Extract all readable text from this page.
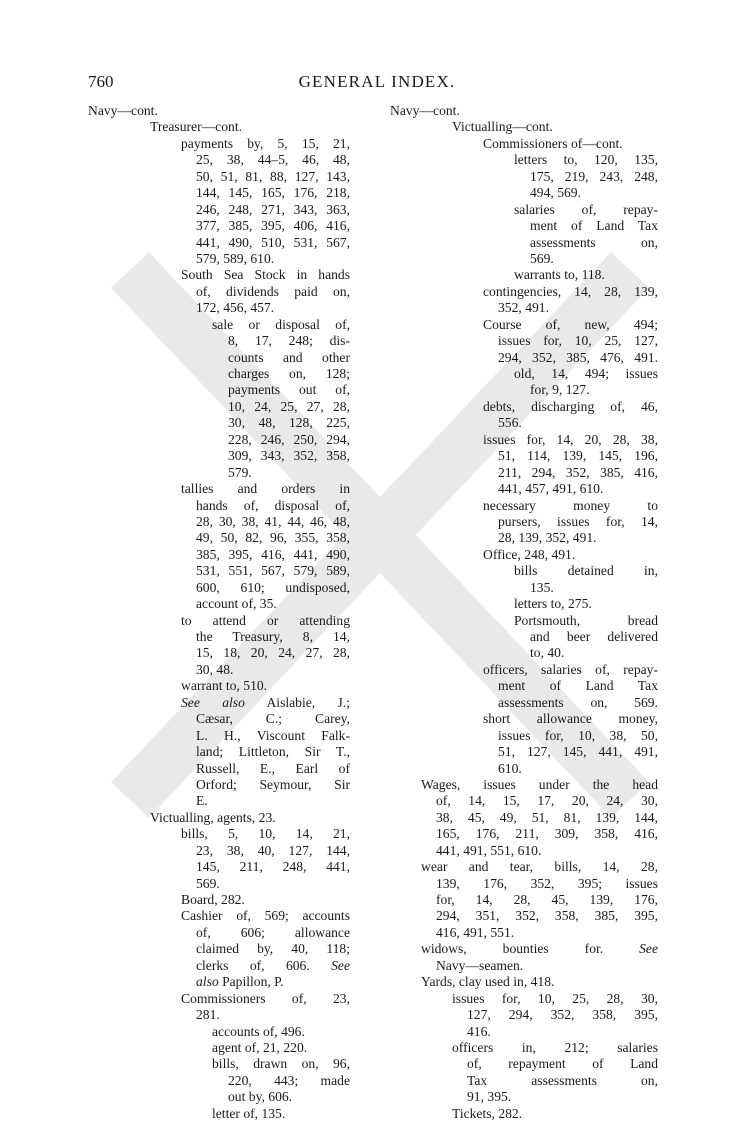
760	GENERAL INDEX.
Navy—cont.
Treasurer—cont.
payments by, 5, 15, 21,
25, 38, 44–5, 46, 48,
50, 51, 81, 88, 127, 143,
144, 145, 165, 176, 218,
246, 248, 271, 343, 363,
377, 385, 395, 406, 416,
441, 490, 510, 531, 567,
579, 589, 610.
South Sea Stock in hands
of, dividends paid on,
172, 456, 457.
sale or disposal of,
8, 17, 248; dis-
counts and other
charges on, 128;
payments out of,
10, 24, 25, 27, 28,
30, 48, 128, 225,
228, 246, 250, 294,
309, 343, 352, 358,
579.
tallies and orders in
hands of, disposal of,
28, 30, 38, 41, 44, 46, 48,
49, 50, 82, 96, 355, 358,
385, 395, 416, 441, 490,
531, 551, 567, 579, 589,
600, 610; undisposed,
account of, 35.
to attend or attending
the Treasury, 8, 14,
15, 18, 20, 24, 27, 28,
30, 48.
warrant to, 510.
See also Aislabie, J.;
Cæsar, C.; Carey,
L. H., Viscount Falk-
land; Littleton, Sir T.,
Russell, E., Earl of
Orford; Seymour, Sir
E.
Victualling, agents, 23.
bills, 5, 10, 14, 21,
23, 38, 40, 127, 144,
145, 211, 248, 441,
569.
Board, 282.
Cashier of, 569; accounts
of, 606; allowance
claimed by, 40, 118;
clerks of, 606. See
also Papillon, P.
Commissioners of, 23,
281.
accounts of, 496.
agent of, 21, 220.
bills, drawn on, 96,
220, 443; made
out by, 606.
letter of, 135.
Navy—cont.
Victualling—cont.
Commissioners of—cont.
letters to, 120, 135,
175, 219, 243, 248,
494, 569.
salaries of, repay-
ment of Land Tax
assessments on,
569.
warrants to, 118.
contingencies, 14, 28, 139,
352, 491.
Course of, new, 494;
issues for, 10, 25, 127,
294, 352, 385, 476, 491.
old, 14, 494; issues
for, 9, 127.
debts, discharging of, 46,
556.
issues for, 14, 20, 28, 38,
51, 114, 139, 145, 196,
211, 294, 352, 385, 416,
441, 457, 491, 610.
necessary money to
pursers, issues for, 14,
28, 139, 352, 491.
Office, 248, 491.
bills detained in,
135.
letters to, 275.
Portsmouth, bread
and beer delivered
to, 40.
officers, salaries of, repay-
ment of Land Tax
assessments on, 569.
short allowance money,
issues for, 10, 38, 50,
51, 127, 145, 441, 491,
610.
Wages, issues under the head
of, 14, 15, 17, 20, 24, 30,
38, 45, 49, 51, 81, 139, 144,
165, 176, 211, 309, 358, 416,
441, 491, 551, 610.
wear and tear, bills, 14, 28,
139, 176, 352, 395; issues
for, 14, 28, 45, 139, 176,
294, 351, 352, 358, 385, 395,
416, 491, 551.
widows, bounties for. See
Navy—seamen.
Yards, clay used in, 418.
issues for, 10, 25, 28, 30,
127, 294, 352, 358, 395,
416.
officers in, 212; salaries
of, repayment of Land
Tax assessments on,
91, 395.
Tickets, 282.
